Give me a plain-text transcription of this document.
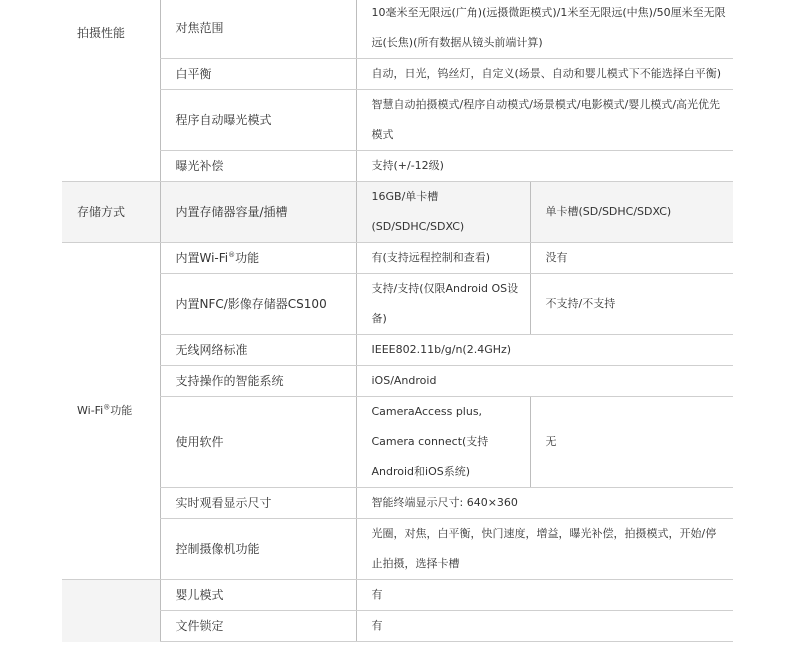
拍摄性能	对焦范围	10毫米至无限远(广角)(远摄微距模式)/1米至无限远(中焦)/50厘米至无限远(长焦)(所有数据从镜头前端计算)	
	白平衡	自动，日光，钨丝灯，自定义(场景、自动和婴儿模式下不能选择白平衡)	
	程序自动曝光模式	智慧自动拍摄模式/程序自动模式/场景模式/电影模式/婴儿模式/高光优先模式	
	曝光补偿	支持(+/-12级)	
存储方式	内置存储器容量/插槽	16GB/单卡槽(SD/SDHC/SDXC)	单卡槽(SD/SDHC/SDXC)
Wi-Fi®功能	内置Wi-Fi®功能	有(支持远程控制和查看)	没有
	内置NFC/影像存储器CS100	支持/支持(仅限Android OS设备)	不支持/不支持
	无线网络标准	IEEE802.11b/g/n(2.4GHz)	
	支持操作的智能系统	iOS/Android	
	使用软件	CameraAccess plus, Camera connect(支持Android和iOS系统)	无
	实时观看显示尺寸	智能终端显示尺寸: 640×360	
	控制摄像机功能	光圈，对焦，白平衡，快门速度，增益，曝光补偿，拍摄模式，开始/停止拍摄，选择卡槽	
	婴儿模式	有	
	文件锁定	有	
